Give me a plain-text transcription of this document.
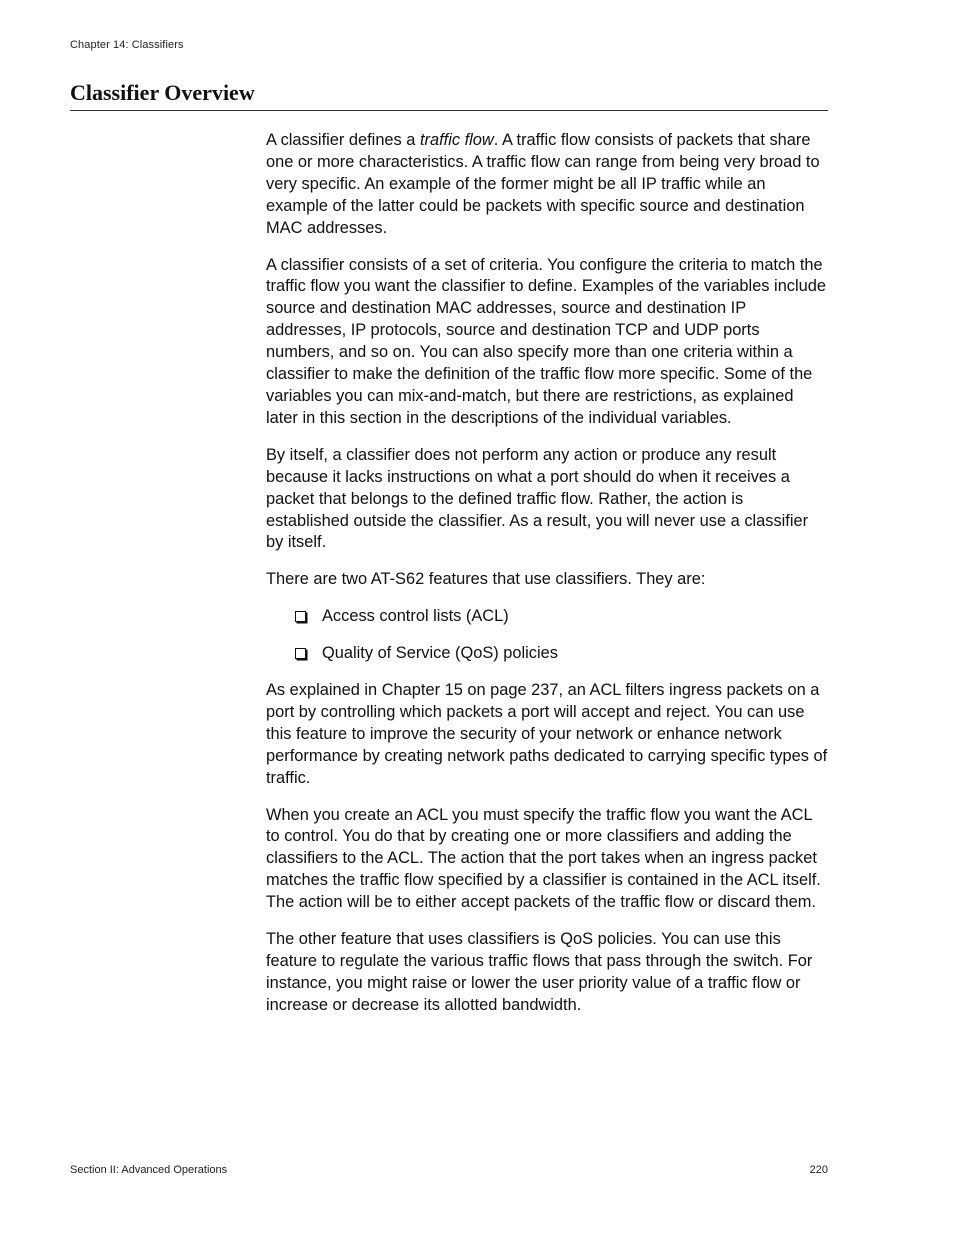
Chapter 14: Classifiers
Classifier Overview

A classifier defines a traffic flow. A traffic flow consists of packets that share one or more characteristics. A traffic flow can range from being very broad to very specific. An example of the former might be all IP traffic while an example of the latter could be packets with specific source and destination MAC addresses.

A classifier consists of a set of criteria. You configure the criteria to match the traffic flow you want the classifier to define. Examples of the variables include source and destination MAC addresses, source and destination IP addresses, IP protocols, source and destination TCP and UDP ports numbers, and so on. You can also specify more than one criteria within a classifier to make the definition of the traffic flow more specific. Some of the variables you can mix-and-match, but there are restrictions, as explained later in this section in the descriptions of the individual variables.

By itself, a classifier does not perform any action or produce any result because it lacks instructions on what a port should do when it receives a packet that belongs to the defined traffic flow. Rather, the action is established outside the classifier. As a result, you will never use a classifier by itself.

There are two AT-S62 features that use classifiers. They are:

Access control lists (ACL)
Quality of Service (QoS) policies

As explained in Chapter 15 on page 237, an ACL filters ingress packets on a port by controlling which packets a port will accept and reject. You can use this feature to improve the security of your network or enhance network performance by creating network paths dedicated to carrying specific types of traffic.

When you create an ACL you must specify the traffic flow you want the ACL to control. You do that by creating one or more classifiers and adding the classifiers to the ACL. The action that the port takes when an ingress packet matches the traffic flow specified by a classifier is contained in the ACL itself. The action will be to either accept packets of the traffic flow or discard them.

The other feature that uses classifiers is QoS policies. You can use this feature to regulate the various traffic flows that pass through the switch. For instance, you might raise or lower the user priority value of a traffic flow or increase or decrease its allotted bandwidth.

Section II: Advanced Operations	220
